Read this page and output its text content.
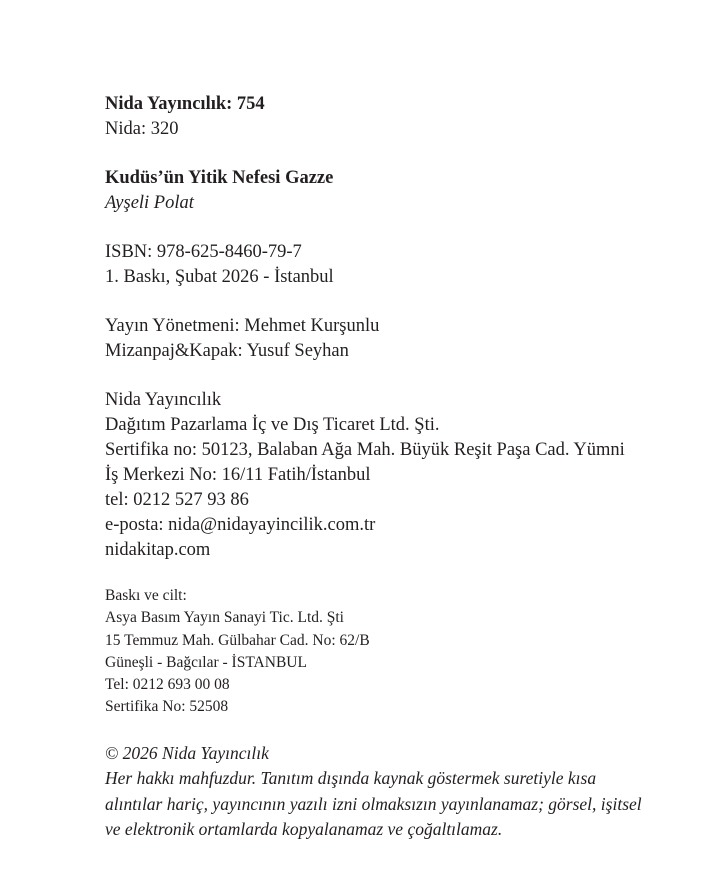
Nida Yayıncılık: 754
Nida: 320
Kudüs’ün Yitik Nefesi Gazze
Ayşeli Polat
ISBN: 978-625-8460-79-7
1. Baskı, Şubat 2026 - İstanbul
Yayın Yönetmeni: Mehmet Kurşunlu
Mizanpaj&Kapak: Yusuf Seyhan
Nida Yayıncılık
Dağıtım Pazarlama İç ve Dış Ticaret Ltd. Şti.
Sertifika no: 50123, Balaban Ağa Mah. Büyük Reşit Paşa Cad. Yümni
İş Merkezi No: 16/11 Fatih/İstanbul
tel: 0212 527 93 86
e-posta: nida@nidayayincilik.com.tr
nidakitap.com
Baskı ve cilt:
Asya Basım Yayın Sanayi Tic. Ltd. Şti
15 Temmuz Mah. Gülbahar Cad. No: 62/B
Güneşli - Bağcılar - İSTANBUL
Tel: 0212 693 00 08
Sertifika No: 52508
© 2026 Nida Yayıncılık
Her hakkı mahfuzdur. Tanıtım dışında kaynak göstermek suretiyle kısa
alıntılar hariç, yayıncının yazılı izni olmaksızın yayınlanamaz; görsel, işitsel
ve elektronik ortamlarda kopyalanamaz ve çoğaltılamaz.
